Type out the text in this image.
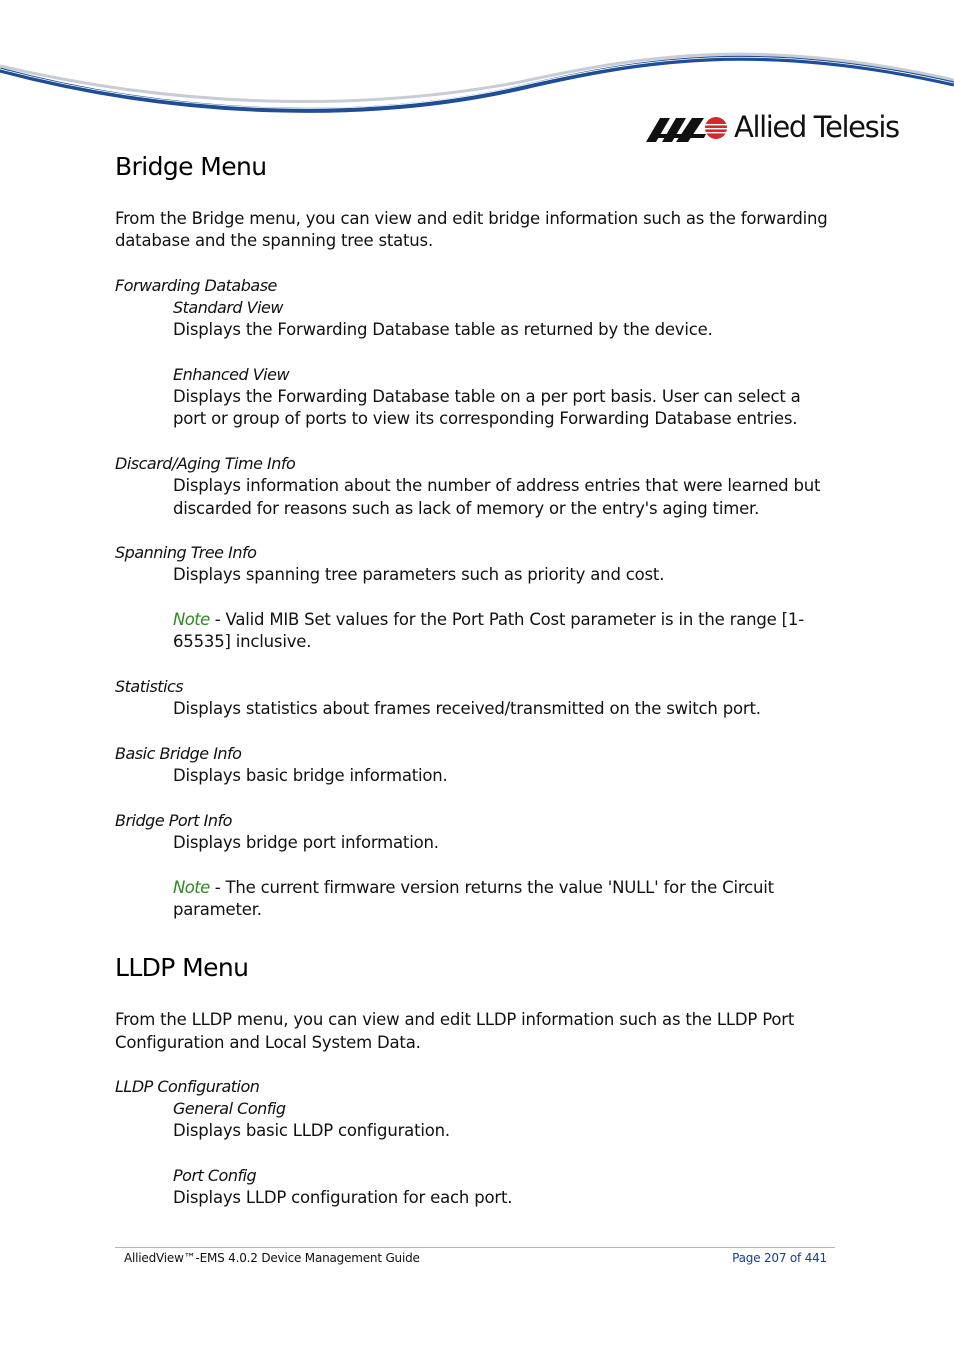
Allied Telesis
Bridge Menu

From the Bridge menu, you can view and edit bridge information such as the forwarding database and the spanning tree status.

Forwarding Database

Standard View

Displays the Forwarding Database table as returned by the device.

Enhanced View

Displays the Forwarding Database table on a per port basis. User can select a port or group of ports to view its corresponding Forwarding Database entries.

Discard/Aging Time Info

Displays information about the number of address entries that were learned but discarded for reasons such as lack of memory or the entry's aging timer.

Spanning Tree Info

Displays spanning tree parameters such as priority and cost.

Note - Valid MIB Set values for the Port Path Cost parameter is in the range [1-65535] inclusive.

Statistics

Displays statistics about frames received/transmitted on the switch port.

Basic Bridge Info

Displays basic bridge information.

Bridge Port Info

Displays bridge port information.

Note - The current firmware version returns the value 'NULL' for the Circuit parameter.

LLDP Menu

From the LLDP menu, you can view and edit LLDP information such as the LLDP Port Configuration and Local System Data.

LLDP Configuration

General Config

Displays basic LLDP configuration.

Port Config

Displays LLDP configuration for each port.

AlliedView™-EMS 4.0.2 Device Management Guide	Page 207 of 441
